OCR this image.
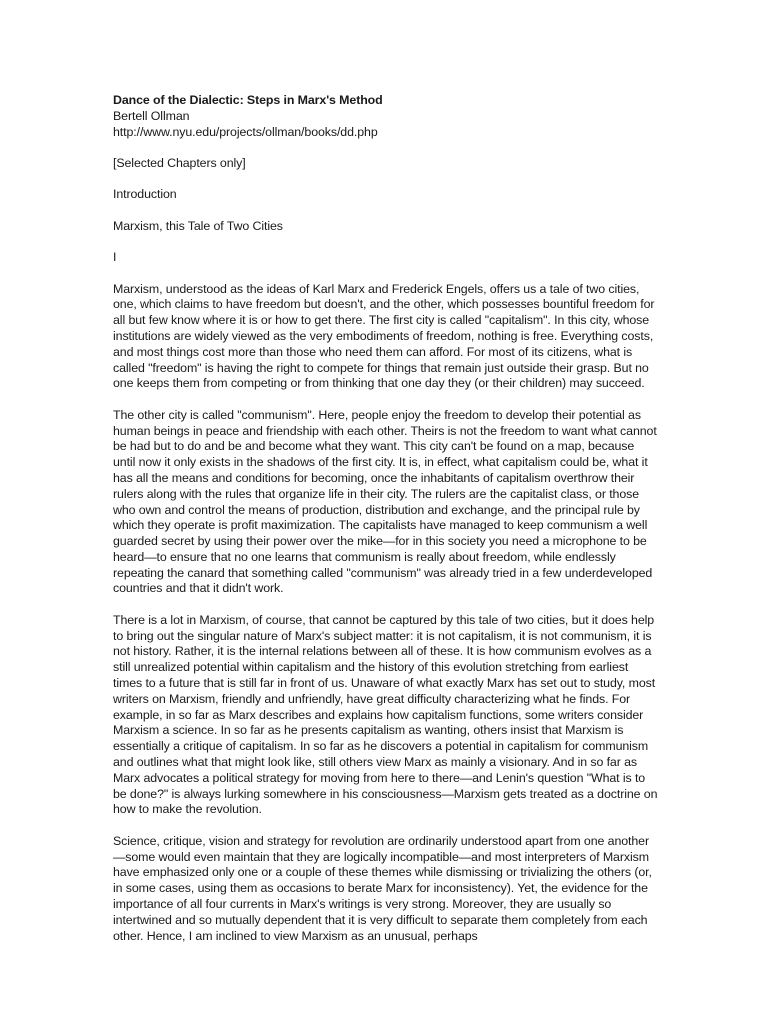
Dance of the Dialectic: Steps in Marx's Method
Bertell Ollman
http://www.nyu.edu/projects/ollman/books/dd.php

[Selected Chapters only]

Introduction

Marxism, this Tale of Two Cities

I

Marxism, understood as the ideas of Karl Marx and Frederick Engels, offers us a tale of two cities, one, which claims to have freedom but doesn't, and the other, which possesses bountiful freedom for all but few know where it is or how to get there. The first city is called "capitalism". In this city, whose institutions are widely viewed as the very embodiments of freedom, nothing is free. Everything costs, and most things cost more than those who need them can afford. For most of its citizens, what is called "freedom" is having the right to compete for things that remain just outside their grasp. But no one keeps them from competing or from thinking that one day they (or their children) may succeed.

The other city is called "communism". Here, people enjoy the freedom to develop their potential as human beings in peace and friendship with each other. Theirs is not the freedom to want what cannot be had but to do and be and become what they want. This city can't be found on a map, because until now it only exists in the shadows of the first city. It is, in effect, what capitalism could be, what it has all the means and conditions for becoming, once the inhabitants of capitalism overthrow their rulers along with the rules that organize life in their city. The rulers are the capitalist class, or those who own and control the means of production, distribution and exchange, and the principal rule by which they operate is profit maximization. The capitalists have managed to keep communism a well guarded secret by using their power over the mike—for in this society you need a microphone to be heard—to ensure that no one learns that communism is really about freedom, while endlessly repeating the canard that something called "communism" was already tried in a few underdeveloped countries and that it didn't work.

There is a lot in Marxism, of course, that cannot be captured by this tale of two cities, but it does help to bring out the singular nature of Marx's subject matter: it is not capitalism, it is not communism, it is not history. Rather, it is the internal relations between all of these. It is how communism evolves as a still unrealized potential within capitalism and the history of this evolution stretching from earliest times to a future that is still far in front of us. Unaware of what exactly Marx has set out to study, most writers on Marxism, friendly and unfriendly, have great difficulty characterizing what he finds. For example, in so far as Marx describes and explains how capitalism functions, some writers consider Marxism a science. In so far as he presents capitalism as wanting, others insist that Marxism is essentially a critique of capitalism. In so far as he discovers a potential in capitalism for communism and outlines what that might look like, still others view Marx as mainly a visionary. And in so far as Marx advocates a political strategy for moving from here to there—and Lenin's question "What is to be done?" is always lurking somewhere in his consciousness—Marxism gets treated as a doctrine on how to make the revolution.

Science, critique, vision and strategy for revolution are ordinarily understood apart from one another—some would even maintain that they are logically incompatible—and most interpreters of Marxism have emphasized only one or a couple of these themes while dismissing or trivializing the others (or, in some cases, using them as occasions to berate Marx for inconsistency). Yet, the evidence for the importance of all four currents in Marx's writings is very strong. Moreover, they are usually so intertwined and so mutually dependent that it is very difficult to separate them completely from each other. Hence, I am inclined to view Marxism as an unusual, perhaps
